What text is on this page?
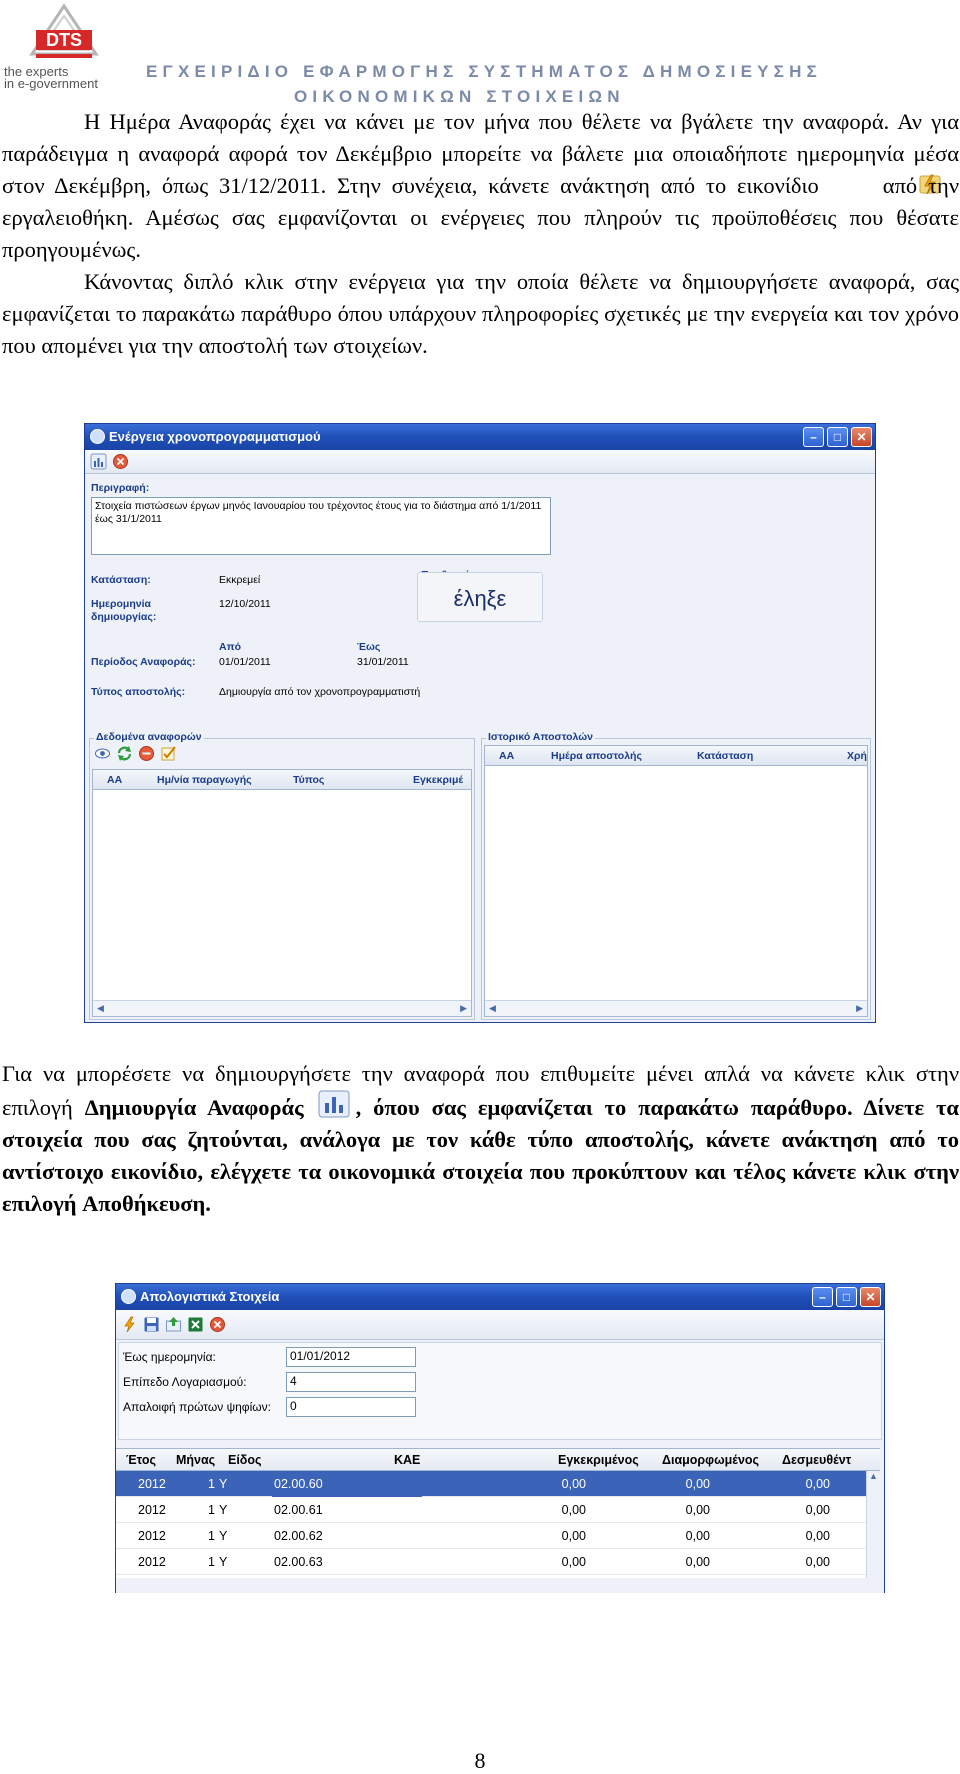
DTS
the experts
in e-government
ΕΓΧΕΙΡΙΔΙΟ ΕΦΑΡΜΟΓΗΣ ΣΥΣΤΗΜΑΤΟΣ ΔΗΜΟΣΙΕΥΣΗΣ
ΟΙΚΟΝΟΜΙΚΩΝ ΣΤΟΙΧΕΙΩΝ

Η Ημέρα Αναφοράς έχει να κάνει με τον μήνα που θέλετε να βγάλετε την αναφορά. Αν για παράδειγμα η αναφορά αφορά τον Δεκέμβριο μπορείτε να βάλετε μια οποιαδήποτε ημερομηνία μέσα στον Δεκέμβρη, όπως 31/12/2011. Στην συνέχεια, κάνετε ανάκτηση από το εικονίδιο	από την εργαλειοθήκη. Αμέσως σας εμφανίζονται οι ενέργειες που πληρούν τις προϋποθέσεις που θέσατε προηγουμένως.

Κάνοντας διπλό κλικ στην ενέργεια για την οποία θέλετε να δημιουργήσετε αναφορά, σας εμφανίζεται το παρακάτω παράθυρο όπου υπάρχουν πληροφορίες σχετικές με την ενεργεία και τον χρόνο που απομένει για την αποστολή των στοιχείων.

Ενέργεια χρονοπρογραμματισμού	–	□	✕
Περιγραφή:
Στοιχεία πιστώσεων έργων μηνός Ιανουαρίου του τρέχοντος έτους για το διάστημα από 1/1/2011 έως 31/1/2011
Κατάσταση:	Εκκρεμεί
Ημερομηνία δημιουργίας:
12/10/2011	έληξε
Από	Έως
Περίοδος Αναφοράς: 01/01/2011	31/01/2011
Τύπος αποστολής:	Δημιουργία από τον χρονοπρογραμματιστή
Δεδομένα αναφορών
ΑΑ	Ημ/νία παραγωγής	Τύπος	Εγκεκριμέ
◀	▶
Ιστορικό Αποστολών
ΑΑ	Ημέρα αποστολής	Κατάσταση	Χρή
◀	▶

Για να μπορέσετε να δημιουργήσετε την αναφορά που επιθυμείτε μένει απλά να κάνετε κλικ στην επιλογή Δημιουργία Αναφοράς , όπου σας εμφανίζεται το παρακάτω παράθυρο. Δίνετε τα στοιχεία που σας ζητούνται, ανάλογα με τον κάθε τύπο αποστολής, κάνετε ανάκτηση από το αντίστοιχο εικονίδιο, ελέγχετε τα οικονομικά στοιχεία που προκύπτουν και τέλος κάνετε κλικ στην επιλογή Αποθήκευση.

Απολογιστικά Στοιχεία	–	□	✕
Έως ημερομηνία:	01/01/2012
Επίπεδο Λογαριασμού:	4
Απαλοιφή πρώτων ψηφίων:	0
Έτος Μήνας Είδος	ΚΑΕ	Εγκεκριμένος Διαμορφωμένος Δεσμευθέντ
2012	1 Υ	02.00.60	0,00	0,00	0,00
2012	1 Υ	02.00.61	0,00	0,00	0,00
2012	1 Υ	02.00.62	0,00	0,00	0,00
2012	1 Υ	02.00.63	0,00	0,00	0,00
▲
8
